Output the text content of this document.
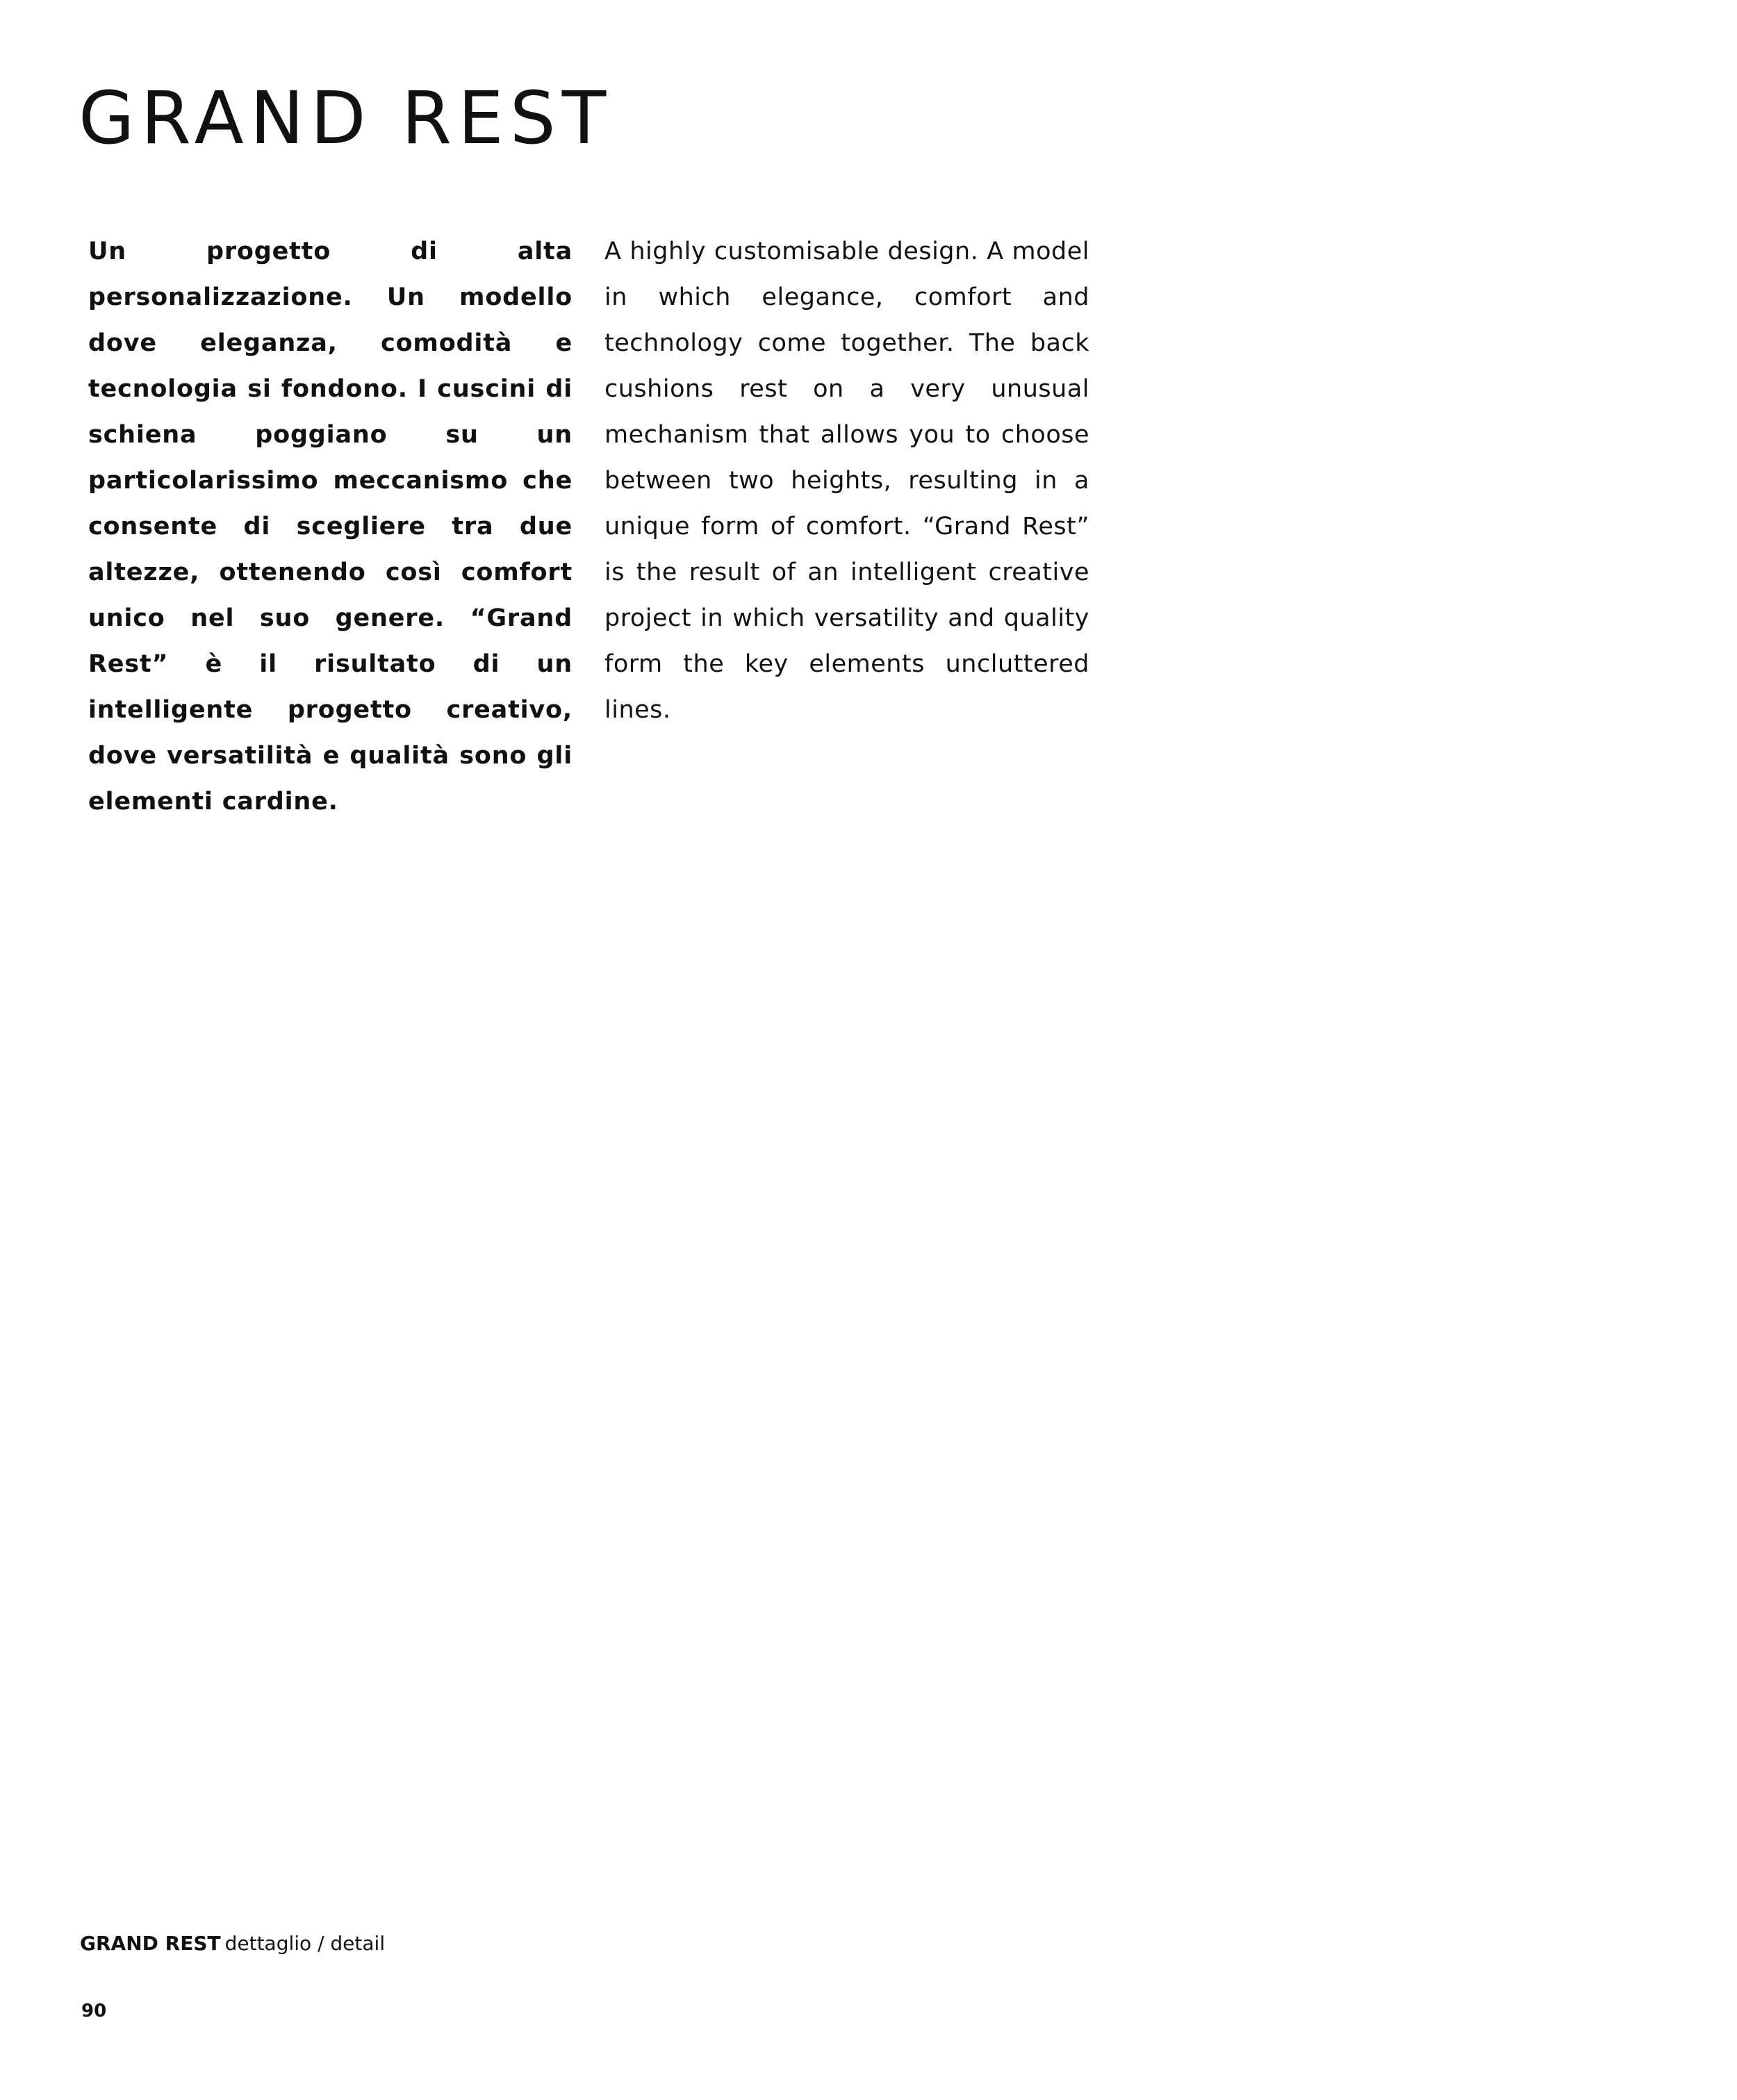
GRAND REST

Un progetto di alta personalizzazione. Un modello dove eleganza, comodità e tecnologia si fondono. I cuscini di schiena poggiano su un particolarissimo meccanismo che consente di scegliere tra due altezze, ottenendo così comfort unico nel suo genere. “Grand Rest” è il risultato di un intelligente progetto creativo, dove versatilità e qualità sono gli elementi cardine.

A highly customisable design. A model in which elegance, comfort and technology come together. The back cushions rest on a very unusual mechanism that allows you to choose between two heights, resulting in a unique form of comfort. “Grand Rest” is the result of an intelligent creative project in which versatility and quality form the key elements uncluttered lines.

GRAND REST dettaglio / detail

90
